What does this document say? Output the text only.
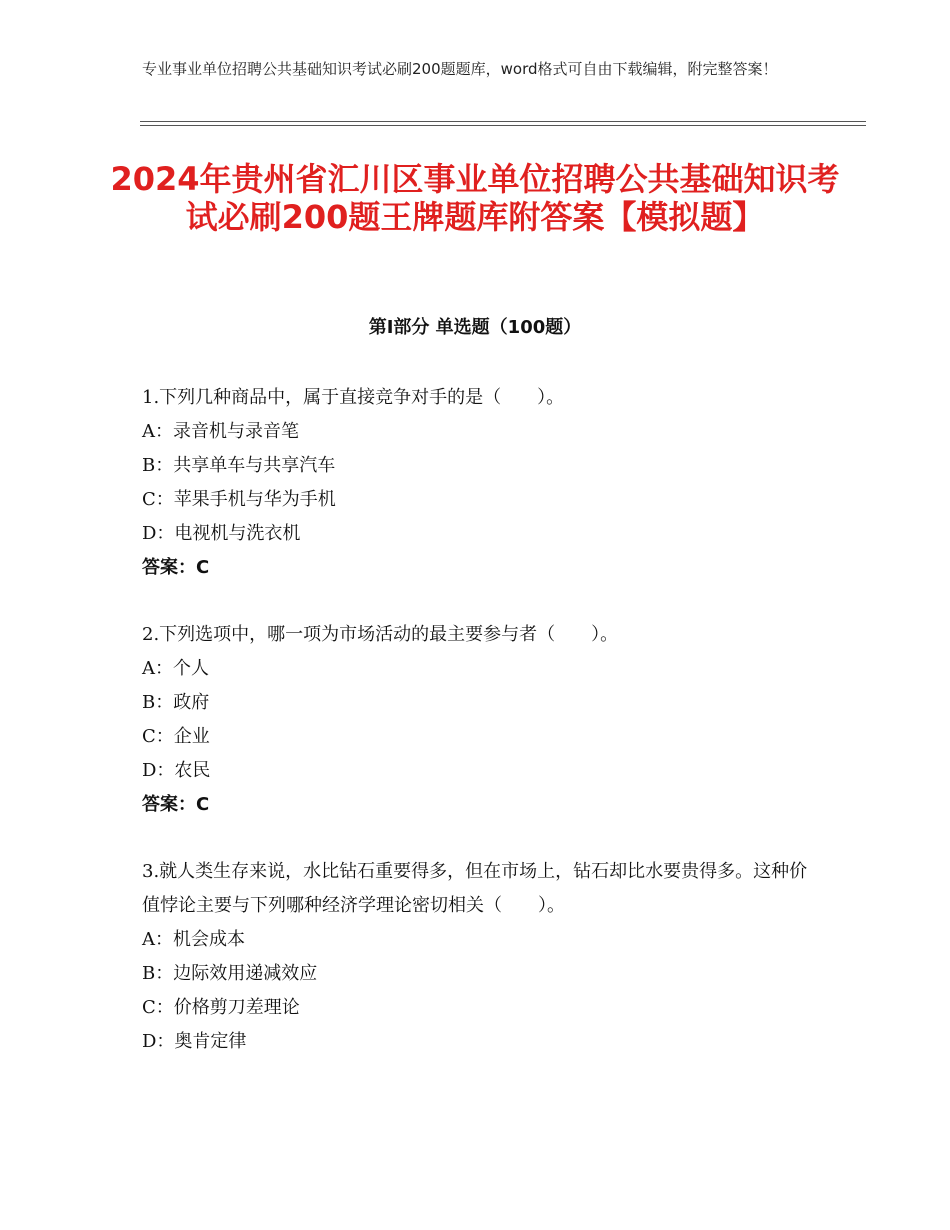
专业事业单位招聘公共基础知识考试必刷200题题库，word格式可自由下载编辑，附完整答案！
2024年贵州省汇川区事业单位招聘公共基础知识考试必刷200题王牌题库附答案【模拟题】
第Ⅰ部分 单选题（100题）
1.下列几种商品中，属于直接竞争对手的是（　　）。
A：录音机与录音笔
B：共享单车与共享汽车
C：苹果手机与华为手机
D：电视机与洗衣机
答案：C
2.下列选项中，哪一项为市场活动的最主要参与者（　　）。
A：个人
B：政府
C：企业
D：农民
答案：C
3.就人类生存来说，水比钻石重要得多，但在市场上，钻石却比水要贵得多。这种价值悖论主要与下列哪种经济学理论密切相关（　　）。
A：机会成本
B：边际效用递减效应
C：价格剪刀差理论
D：奥肯定律
